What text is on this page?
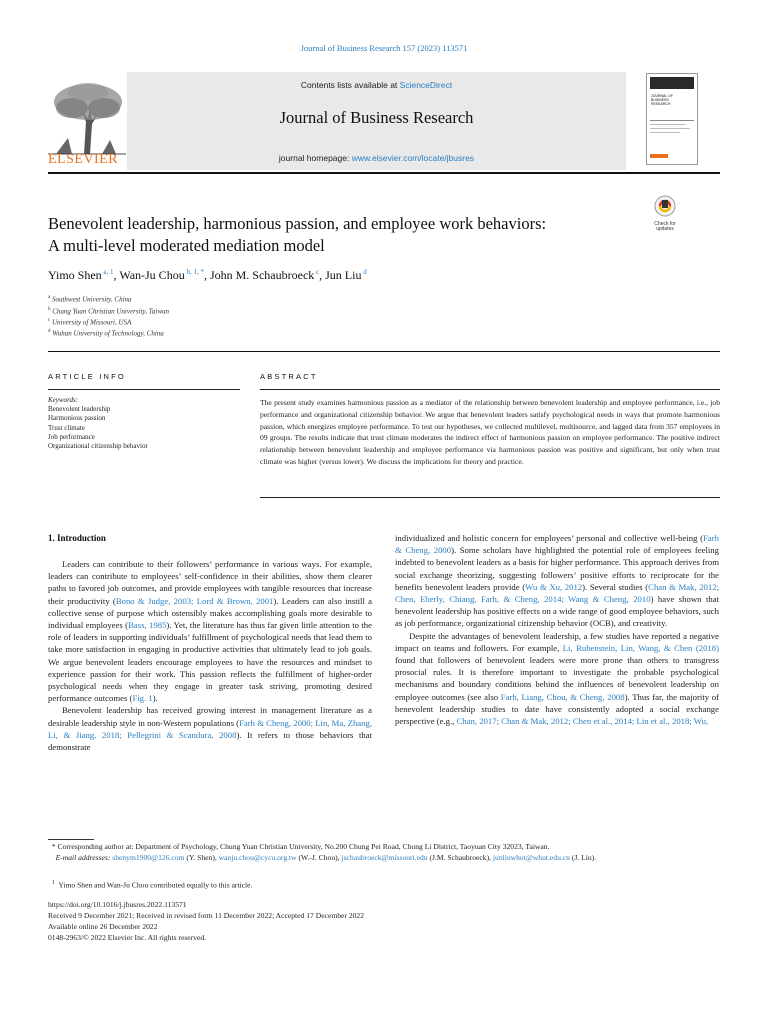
Journal of Business Research 157 (2023) 113571
ELSEVIER
Contents lists available at ScienceDirect
Journal of Business Research
journal homepage: www.elsevier.com/locate/jbusres
JOURNAL OF
BUSINESS
RESEARCH
Check for
updates
Benevolent leadership, harmonious passion, and employee work behaviors:
A multi-level moderated mediation model
Yimo Shen $^{a, 1}$, Wan-Ju Chou $^{b, 1, *}$, John M. Schaubroeck $^c$, Jun Liu $^d$
$^a$ Southwest University, China
$^b$ Chung Yuan Christian University, Taiwan
$^c$ University of Missouri, USA
$^d$ Wuhan University of Technology, China
ARTICLE INFO	ABSTRACT
Keywords:
Benevolent leadership
Harmonious passion
Trust climate
Job performance
Organizational citizenship behavior
The present study examines harmonious passion as a mediator of the relationship between benevolent leadership and employee performance, i.e., job performance and organizational citizenship behavior. We argue that benevolent leaders satisfy psychological needs in ways that promote harmonious passion, which energizes employee performance. To test our hypotheses, we collected multilevel, multisource, and lagged data from 357 employees in 09 groups. The results indicate that trust climate moderates the indirect effect of harmonious passion on employee performance. The positive indirect relationship between benevolent leadership and employee performance via harmonious passion was positive and significant, but only when trust climate was higher (versus lower). We discuss the implications for theory and practice.
1. Introduction

Leaders can contribute to their followers’ performance in various ways. For example, leaders can contribute to employees’ self-confidence in their abilities, show them clearer paths to favored job outcomes, and provide employees with tangible resources that increase their productivity (Bono & Judge, 2003; Lord & Brown, 2001). Leaders can also instill a collective sense of purpose which ostensibly makes accomplishing goals more desirable to individual employees (Bass, 1985). Yet, the literature has thus far given little attention to the role of leaders in supporting individuals’ fulfillment of psychological needs that lead them to take more satisfaction in engaging in productive activities that ultimately lead to job goals. We argue benevolent leaders encourage employees to have the resources and mindset to experience passion for their work. This passion reflects the fulfillment of higher-order psychological needs when they engage in greater task striving, promoting desired performance outcomes (Fig. 1).

Benevolent leadership has received growing interest in management literature as a desirable leadership style in non-Western populations (Farh & Cheng, 2000; Lin, Ma, Zhang, Li, & Jiang, 2018; Pellegrini & Scandura, 2008). It refers to those behaviors that demonstrate

individualized and holistic concern for employees’ personal and collective well-being (Farh & Cheng, 2000). Some scholars have highlighted the potential role of employees feeling indebted to benevolent leaders as a basis for higher performance. This approach derives from social exchange theorizing, suggesting followers’ positive efforts to reciprocate for the benefits benevolent leaders provide (Wu & Xu, 2012). Several studies (Chan & Mak, 2012; Chen, Eberly, Chiang, Farh, & Cheng, 2014; Wang & Cheng, 2010) have shown that benevolent leadership has positive effects on a wide range of good employee behaviors, such as job performance, organizational citizenship behavior (OCB), and creativity.

Despite the advantages of benevolent leadership, a few studies have reported a negative impact on teams and followers. For example, Li, Rubenstein, Lin, Wang, & Chen (2018) found that followers of benevolent leaders were more prone than others to transgress prosocial rules. It is therefore important to investigate the probable psychological mechanisms and boundary conditions behind the influences of benevolent leadership on employee outcomes (see also Farh, Liang, Chou, & Cheng, 2008). Thus far, the majority of benevolent leadership studies to date have consistently adopted a social exchange perspective (e.g., Chan, 2017; Chan & Mak, 2012; Chen et al., 2014; Lin et al., 2018; Wu,

* Corresponding author at: Department of Psychology, Chung Yuan Christian University, No.200 Chung Pei Road, Chung Li District, Taoyuan City 32023, Taiwan.
E-mail addresses: shenym1900@126.com (Y. Shen), wanju.chou@cycu.org.tw (W.-J. Chou), jschaubroeck@missouri.edu (J.M. Schaubroeck), junliuwhut@whut.edu.cn (J. Liu).
$^1$ Yimo Shen and Wan-Ju Chou contributed equally to this article.
https://doi.org/10.1016/j.jbusres.2022.113571
Received 9 December 2021; Received in revised form 11 December 2022; Accepted 17 December 2022
Available online 26 December 2022
0148-2963/© 2022 Elsevier Inc. All rights reserved.
